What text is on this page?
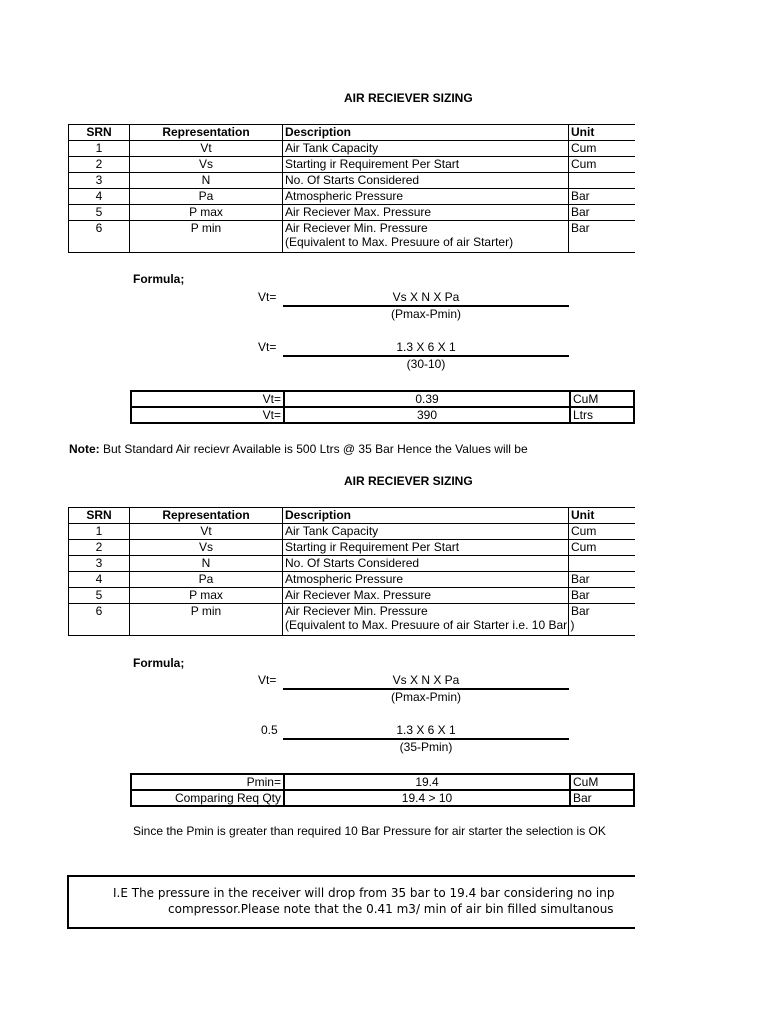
AIR RECIEVER SIZING
SRN	Representation	Description	Unit
1	Vt	Air Tank Capacity	Cum
2	Vs	Starting ir Requirement Per Start	Cum
3	N	No. Of Starts Considered	
4	Pa	Atmospheric Pressure	Bar
5	P max	Air Reciever Max. Pressure	Bar
6	P min	Air Reciever Min. Pressure
(Equivalent to Max. Presuure of air Starter)	Bar
Formula;
Vt=	Vs X N X Pa
(Pmax-Pmin)
Vt=	1.3 X 6 X 1
(30-10)
Vt=	0.39	CuM
Vt=	390	Ltrs
Note: But Standard Air recievr Available is 500 Ltrs @ 35 Bar Hence the Values will be
AIR RECIEVER SIZING
SRN	Representation	Description	Unit
1	Vt	Air Tank Capacity	Cum
2	Vs	Starting ir Requirement Per Start	Cum
3	N	No. Of Starts Considered	
4	Pa	Atmospheric Pressure	Bar
5	P max	Air Reciever Max. Pressure	Bar
6	P min	Air Reciever Min. Pressure
(Equivalent to Max. Presuure of air Starter i.e. 10 Bar )	Bar
Formula;
Vt=	Vs X N X Pa
(Pmax-Pmin)
0.5	1.3 X 6 X 1
(35-Pmin)
Pmin=	19.4	CuM
Comparing Req Qty	19.4 > 10	Bar
Since the Pmin is greater than required 10 Bar Pressure for air starter the selection is OK
I.E The pressure in the receiver will drop from 35 bar to 19.4 bar considering no inp
compressor.Please note that the 0.41 m3/ min of air bin filled simultanous
